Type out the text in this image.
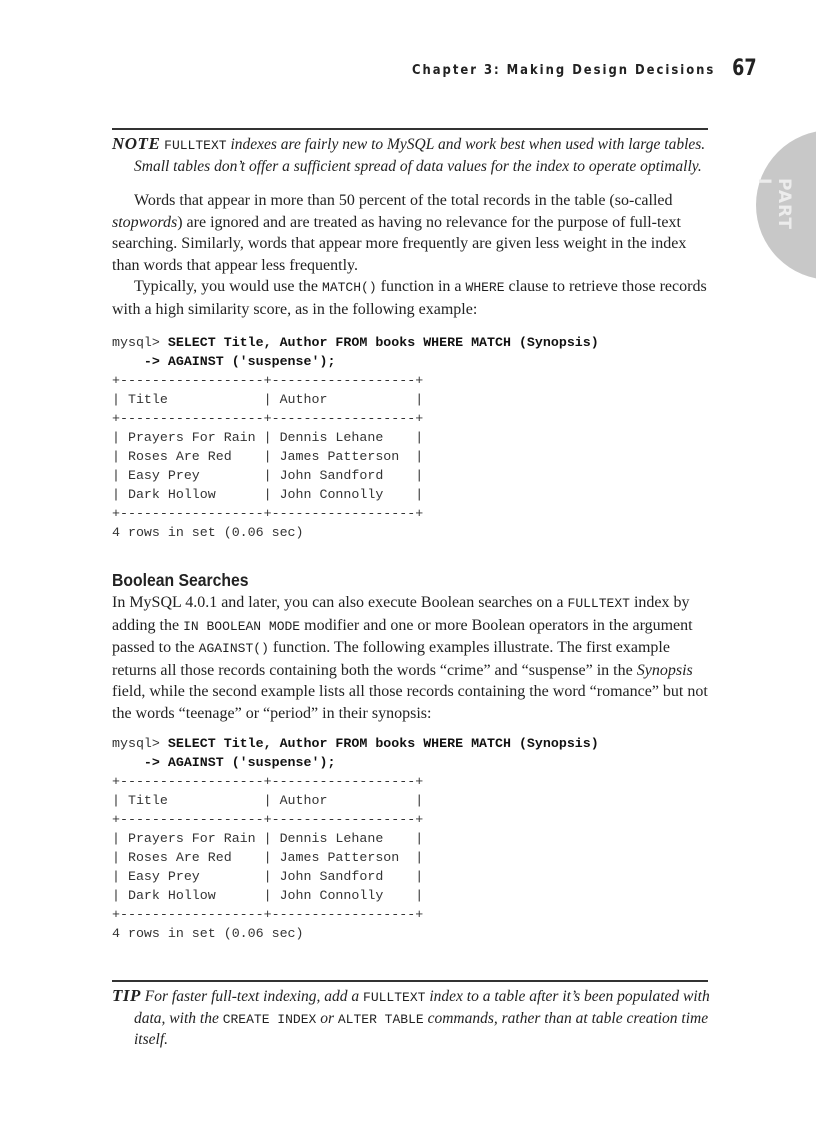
Chapter 3: Making Design Decisions 67
PART I
NOTE FULLTEXT indexes are fairly new to MySQL and work best when used with large tables.
Small tables don’t offer a sufficient spread of data values for the index to operate optimally.

Words that appear in more than 50 percent of the total records in the table (so-called stopwords) are ignored and are treated as having no relevance for the purpose of full-text searching. Similarly, words that appear more frequently are given less weight in the index than words that appear less frequently.

Typically, you would use the MATCH() function in a WHERE clause to retrieve those records with a high similarity score, as in the following example:

mysql> SELECT Title, Author FROM books WHERE MATCH (Synopsis)
-> AGAINST ('suspense');
+------------------+------------------+
| Title            | Author           |
+------------------+------------------+
| Prayers For Rain | Dennis Lehane    |
| Roses Are Red    | James Patterson  |
| Easy Prey        | John Sandford    |
| Dark Hollow      | John Connolly    |
+------------------+------------------+
4 rows in set (0.06 sec)
Boolean Searches
In MySQL 4.0.1 and later, you can also execute Boolean searches on a FULLTEXT index by adding the IN BOOLEAN MODE modifier and one or more Boolean operators in the argument passed to the AGAINST() function. The following examples illustrate. The first example returns all those records containing both the words “crime” and “suspense” in the Synopsis field, while the second example lists all those records containing the word “romance” but not the words “teenage” or “period” in their synopsis:
mysql> SELECT Title, Author FROM books WHERE MATCH (Synopsis)
-> AGAINST ('suspense');
+------------------+------------------+
| Title            | Author           |
+------------------+------------------+
| Prayers For Rain | Dennis Lehane    |
| Roses Are Red    | James Patterson  |
| Easy Prey        | John Sandford    |
| Dark Hollow      | John Connolly    |
+------------------+------------------+
4 rows in set (0.06 sec)
TIP For faster full-text indexing, add a FULLTEXT index to a table after it’s been populated with data, with the CREATE INDEX or ALTER TABLE commands, rather than at table creation time itself.
